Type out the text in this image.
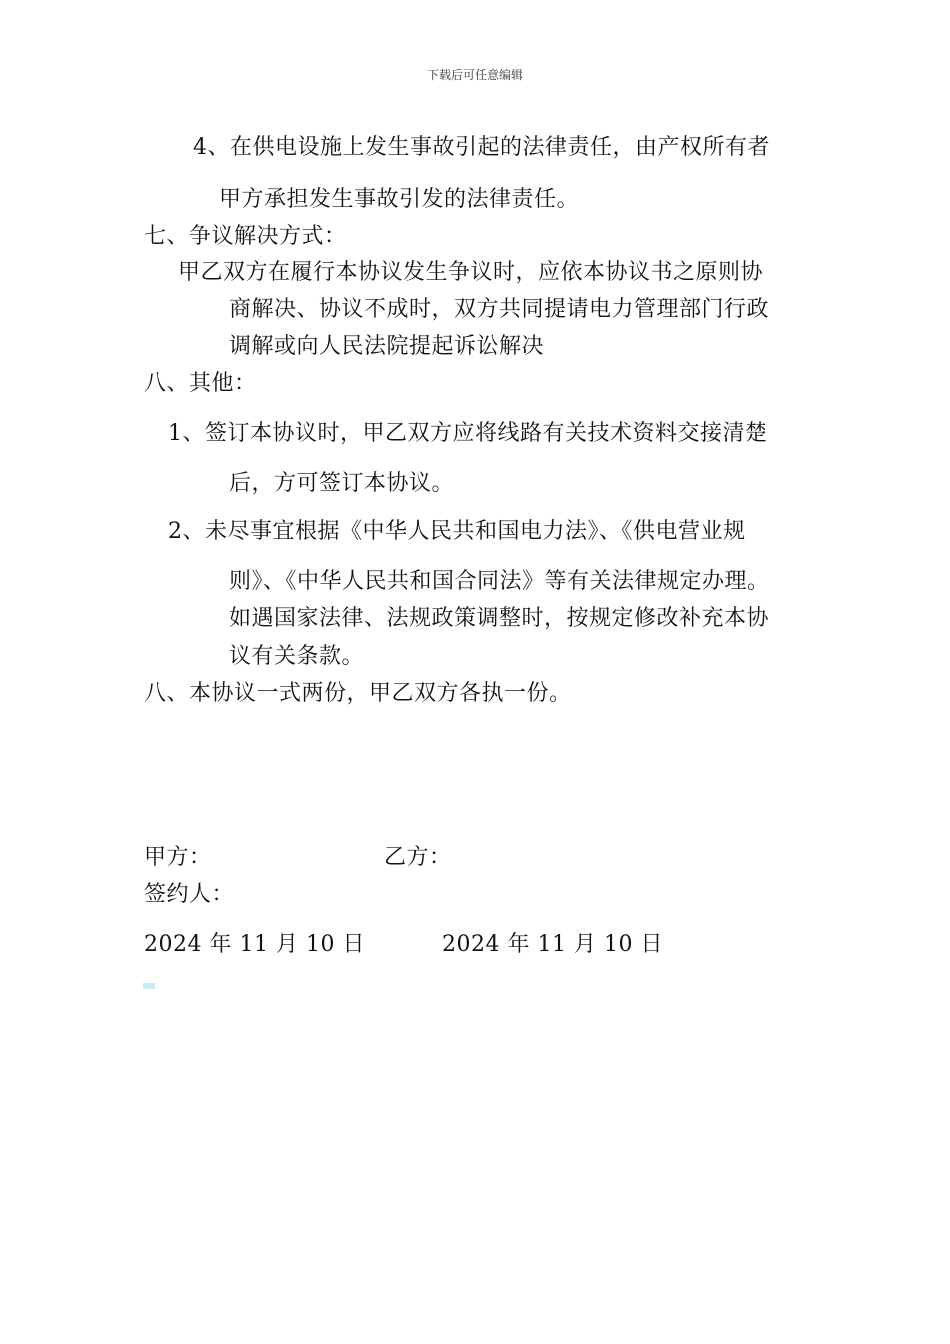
下载后可任意编辑
4、在供电设施上发生事故引起的法律责任，由产权所有者
甲方承担发生事故引发的法律责任。
七、争议解决方式：
甲乙双方在履行本协议发生争议时，应依本协议书之原则协
商解决、协议不成时，双方共同提请电力管理部门行政
调解或向人民法院提起诉讼解决
八、其他：
1、签订本协议时，甲乙双方应将线路有关技术资料交接清楚
后，方可签订本协议。
2、未尽事宜根据《中华人民共和国电力法》、《供电营业规
则》、《中华人民共和国合同法》等有关法律规定办理。
如遇国家法律、法规政策调整时，按规定修改补充本协
议有关条款。
八、本协议一式两份，甲乙双方各执一份。
甲方：	乙方：
签约人：
2024 年 11 月 10 日	2024 年 11 月 10 日
